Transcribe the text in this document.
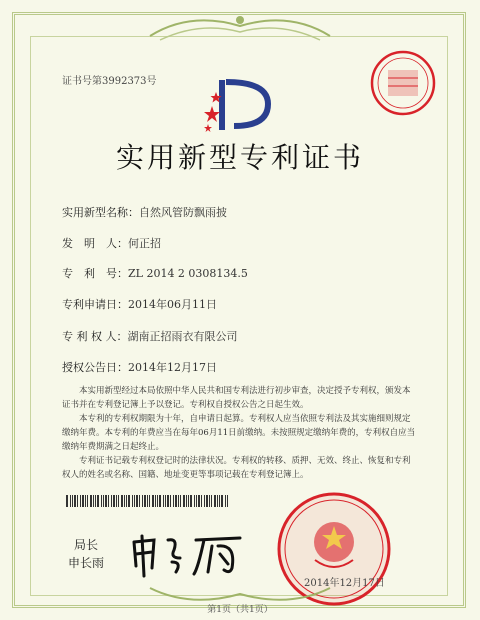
证书号第3992373号
实用新型专利证书
实用新型名称：自然风管防飘雨披
发　明　人：何正招
专　利　号：ZL 2014 2 0308134.5
专利申请日：2014年06月11日
专 利 权 人：湖南正招雨衣有限公司
授权公告日：2014年12月17日
本实用新型经过本局依照中华人民共和国专利法进行初步审查，决定授予专利权，颁发本证书并在专利登记簿上予以登记。专利权自授权公告之日起生效。
本专利的专利权期限为十年，自申请日起算。专利权人应当依照专利法及其实施细则规定缴纳年费。本专利的年费应当在每年06月11日前缴纳。未按照规定缴纳年费的，专利权自应当缴纳年费期满之日起终止。
专利证书记载专利权登记时的法律状况。专利权的转移、质押、无效、终止、恢复和专利权人的姓名或名称、国籍、地址变更等事项记载在专利登记簿上。
局长
申长雨
2014年12月17日
第1页（共1页）
